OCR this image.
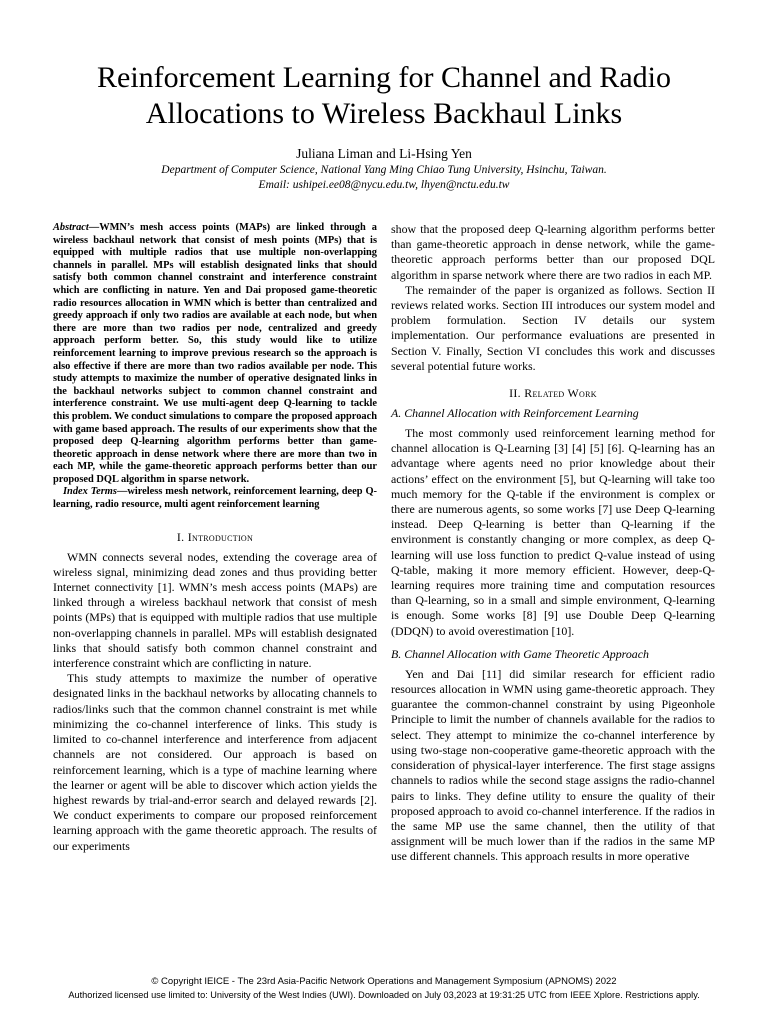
Reinforcement Learning for Channel and Radio
Allocations to Wireless Backhaul Links
Juliana Liman and Li-Hsing Yen
Department of Computer Science, National Yang Ming Chiao Tung University, Hsinchu, Taiwan.
Email: ushipei.ee08@nycu.edu.tw, lhyen@nctu.edu.tw

Abstract—WMN’s mesh access points (MAPs) are linked through a wireless backhaul network that consist of mesh points (MPs) that is equipped with multiple radios that use multiple non-overlapping channels in parallel. MPs will establish designated links that should satisfy both common channel constraint and interference constraint which are conflicting in nature. Yen and Dai proposed game-theoretic radio resources allocation in WMN which is better than centralized and greedy approach if only two radios are available at each node, but when there are more than two radios per node, centralized and greedy approach perform better. So, this study would like to utilize reinforcement learning to improve previous research so the approach is also effective if there are more than two radios available per node. This study attempts to maximize the number of operative designated links in the backhaul networks subject to common channel constraint and interference constraint. We use multi-agent deep Q-learning to tackle this problem. We conduct simulations to compare the proposed approach with game based approach. The results of our experiments show that the proposed deep Q-learning algorithm performs better than game-theoretic approach in dense network where there are more than two in each MP, while the game-theoretic approach performs better than our proposed DQL algorithm in sparse network.

Index Terms—wireless mesh network, reinforcement learning, deep Q-learning, radio resource, multi agent reinforcement learning

I. Introduction

WMN connects several nodes, extending the coverage area of wireless signal, minimizing dead zones and thus providing better Internet connectivity [1]. WMN’s mesh access points (MAPs) are linked through a wireless backhaul network that consist of mesh points (MPs) that is equipped with multiple radios that use multiple non-overlapping channels in parallel. MPs will establish designated links that should satisfy both common channel constraint and interference constraint which are conflicting in nature.

This study attempts to maximize the number of operative designated links in the backhaul networks by allocating channels to radios/links such that the common channel constraint is met while minimizing the co-channel interference of links. This study is limited to co-channel interference and interference from adjacent channels are not considered. Our approach is based on reinforcement learning, which is a type of machine learning where the learner or agent will be able to discover which action yields the highest rewards by trial-and-error search and delayed rewards [2]. We conduct experiments to compare our proposed reinforcement learning approach with the game theoretic approach. The results of our experiments

show that the proposed deep Q-learning algorithm performs better than game-theoretic approach in dense network, while the game-theoretic approach performs better than our proposed DQL algorithm in sparse network where there are two radios in each MP.

The remainder of the paper is organized as follows. Section II reviews related works. Section III introduces our system model and problem formulation. Section IV details our system implementation. Our performance evaluations are presented in Section V. Finally, Section VI concludes this work and discusses several potential future works.

II. Related Work
A. Channel Allocation with Reinforcement Learning

The most commonly used reinforcement learning method for channel allocation is Q-Learning [3] [4] [5] [6]. Q-learning has an advantage where agents need no prior knowledge about their actions’ effect on the environment [5], but Q-learning will take too much memory for the Q-table if the environment is complex or there are numerous agents, so some works [7] use Deep Q-learning instead. Deep Q-learning is better than Q-learning if the environment is constantly changing or more complex, as deep Q-learning will use loss function to predict Q-value instead of using Q-table, making it more memory efficient. However, deep-Q-learning requires more training time and computation resources than Q-learning, so in a small and simple environment, Q-learning is enough. Some works [8] [9] use Double Deep Q-learning (DDQN) to avoid overestimation [10].

B. Channel Allocation with Game Theoretic Approach

Yen and Dai [11] did similar research for efficient radio resources allocation in WMN using game-theoretic approach. They guarantee the common-channel constraint by using Pigeonhole Principle to limit the number of channels available for the radios to select. They attempt to minimize the co-channel interference by using two-stage non-cooperative game-theoretic approach with the consideration of physical-layer interference. The first stage assigns channels to radios while the second stage assigns the radio-channel pairs to links. They define utility to ensure the quality of their proposed approach to avoid co-channel interference. If the radios in the same MP use the same channel, then the utility of that assignment will be much lower than if the radios in the same MP use different channels. This approach results in more operative

© Copyright IEICE - The 23rd Asia-Pacific Network Operations and Management Symposium (APNOMS) 2022
Authorized licensed use limited to: University of the West Indies (UWI). Downloaded on July 03,2023 at 19:31:25 UTC from IEEE Xplore. Restrictions apply.
